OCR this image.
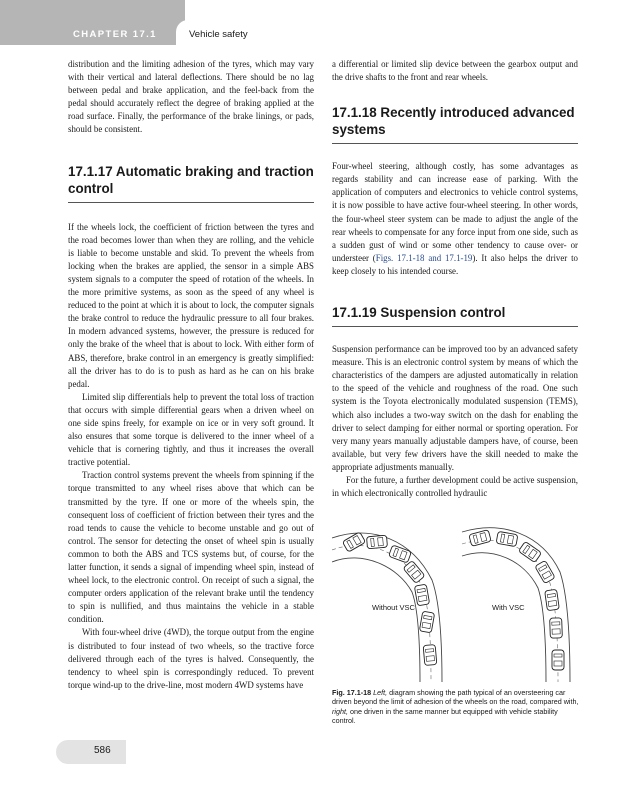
CHAPTER 17.1	Vehicle safety

distribution and the limiting adhesion of the tyres, which may vary with their vertical and lateral deflections. There should be no lag between pedal and brake application, and the feel-back from the pedal should accurately reflect the degree of braking applied at the road surface. Finally, the performance of the brake linings, or pads, should be consistent.

17.1.17 Automatic braking and traction control

If the wheels lock, the coefficient of friction between the tyres and the road becomes lower than when they are rolling, and the vehicle is liable to become unstable and skid. To prevent the wheels from locking when the brakes are applied, the sensor in a simple ABS system signals to a computer the speed of rotation of the wheels. In the more primitive systems, as soon as the speed of any wheel is reduced to the point at which it is about to lock, the computer signals the brake control to reduce the hydraulic pressure to all four brakes. In modern advanced systems, however, the pressure is reduced for only the brake of the wheel that is about to lock. With either form of ABS, therefore, brake control in an emergency is greatly simplified: all the driver has to do is to push as hard as he can on his brake pedal.

Limited slip differentials help to prevent the total loss of traction that occurs with simple differential gears when a driven wheel on one side spins freely, for example on ice or in very soft ground. It also ensures that some torque is delivered to the inner wheel of a vehicle that is cornering tightly, and thus it increases the overall tractive potential.

Traction control systems prevent the wheels from spinning if the torque transmitted to any wheel rises above that which can be transmitted by the tyre. If one or more of the wheels spin, the consequent loss of coefficient of friction between their tyres and the road tends to cause the vehicle to become unstable and go out of control. The sensor for detecting the onset of wheel spin is usually common to both the ABS and TCS systems but, of course, for the latter function, it sends a signal of impending wheel spin, instead of wheel lock, to the electronic control. On receipt of such a signal, the computer orders application of the relevant brake until the tendency to spin is nullified, and thus maintains the vehicle in a stable condition.

With four-wheel drive (4WD), the torque output from the engine is distributed to four instead of two wheels, so the tractive force delivered through each of the tyres is halved. Consequently, the tendency to wheel spin is correspondingly reduced. To prevent torque wind-up to the drive-line, most modern 4WD systems have

a differential or limited slip device between the gearbox output and the drive shafts to the front and rear wheels.

17.1.18 Recently introduced advanced systems

Four-wheel steering, although costly, has some advantages as regards stability and can increase ease of parking. With the application of computers and electronics to vehicle control systems, it is now possible to have active four-wheel steering. In other words, the four-wheel steer system can be made to adjust the angle of the rear wheels to compensate for any force input from one side, such as a sudden gust of wind or some other tendency to cause over- or understeer (Figs. 17.1-18 and 17.1-19). It also helps the driver to keep closely to his intended course.

17.1.19 Suspension control

Suspension performance can be improved too by an advanced safety measure. This is an electronic control system by means of which the characteristics of the dampers are adjusted automatically in relation to the speed of the vehicle and roughness of the road. One such system is the Toyota electronically modulated suspension (TEMS), which also includes a two-way switch on the dash for enabling the driver to select damping for either normal or sporting operation. For very many years manually adjustable dampers have, of course, been available, but very few drivers have the skill needed to make the appropriate adjustments manually.

For the future, a further development could be active suspension, in which electronically controlled hydraulic

Without VSC	With VSC
Fig. 17.1-18 Left, diagram showing the path typical of an oversteering car driven beyond the limit of adhesion of the wheels on the road, compared with, right, one driven in the same manner but equipped with vehicle stability control.
586
